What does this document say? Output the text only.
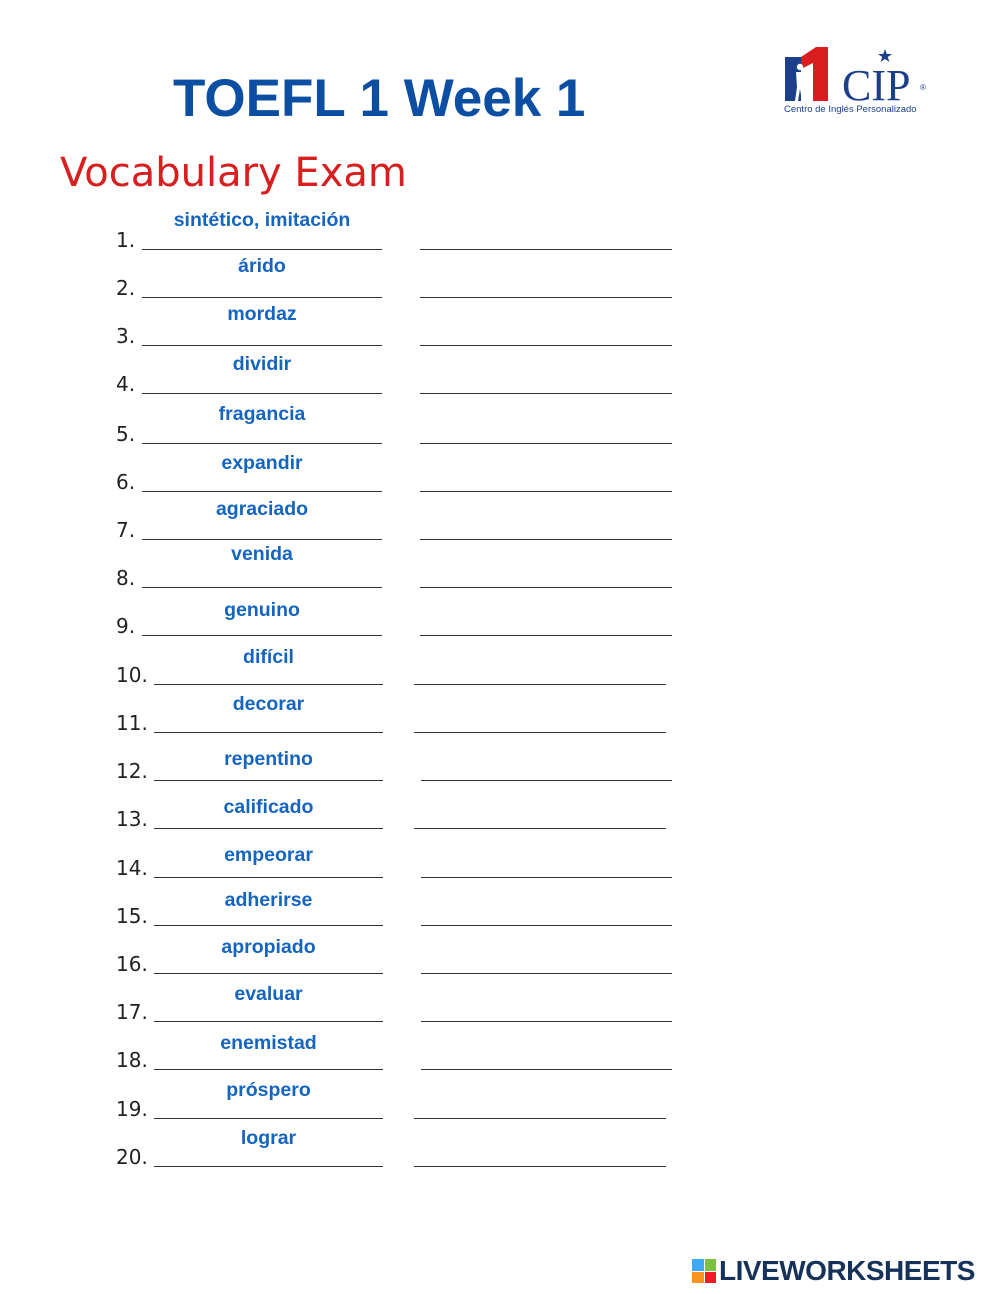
TOEFL 1 Week 1
Vocabulary Exam
CIP ®
Centro de Inglés Personalizado
1.
sintético, imitación
2.
árido
3.
mordaz
4.
dividir
5.
fragancia
6.
expandir
7.
agraciado
8.
venida
9.
genuino
10.
difícil
11.
decorar
12.	repentino
13.	calificado
14.
empeorar
15.
adherirse
16.
apropiado
17.
evaluar
18.
enemistad
19.
próspero
20.
lograr
LIVEWORKSHEETS
